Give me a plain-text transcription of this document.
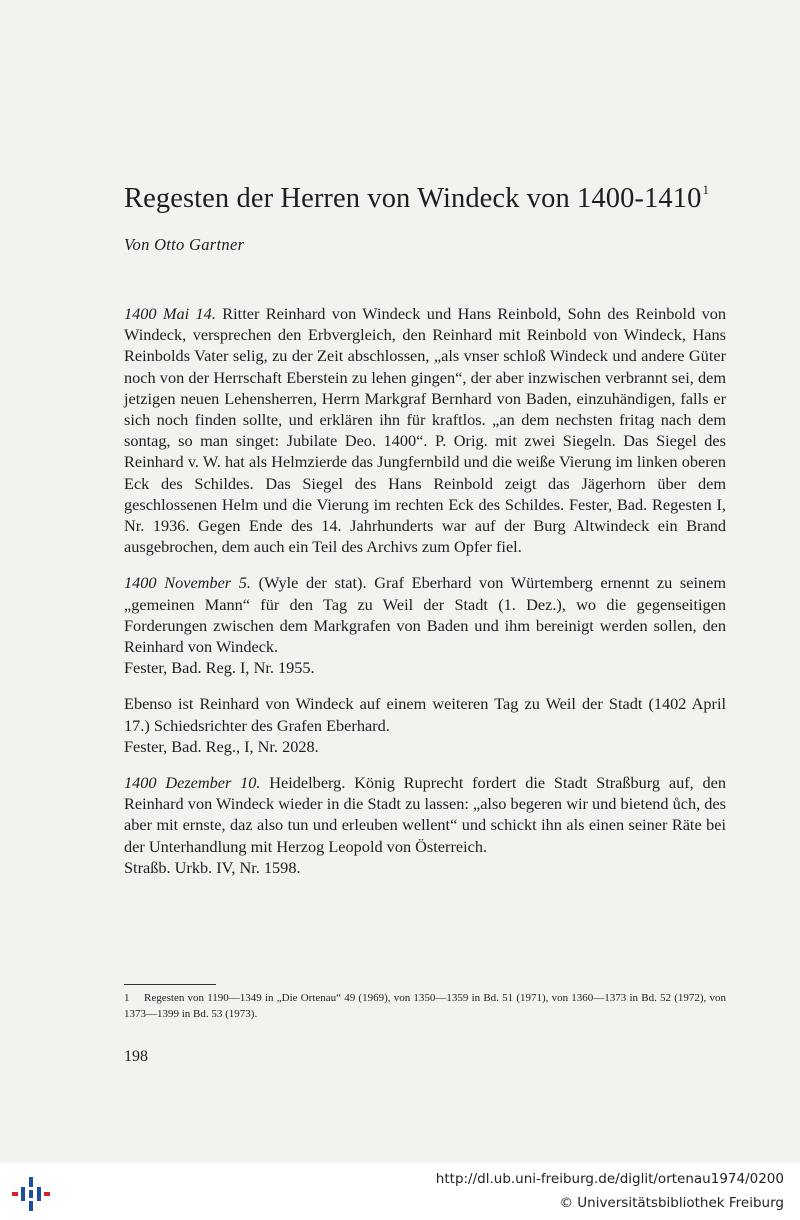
Regesten der Herren von Windeck von 1400-1410$^1$
Von Otto Gartner

1400 Mai 14. Ritter Reinhard von Windeck und Hans Reinbold, Sohn des Reinbold von Windeck, versprechen den Erbvergleich, den Reinhard mit Reinbold von Windeck, Hans Reinbolds Vater selig, zu der Zeit abschlossen, „als vnser schloß Windeck und andere Güter noch von der Herrschaft Eberstein zu lehen gingen“, der aber inzwischen verbrannt sei, dem jetzigen neuen Lehensherren, Herrn Markgraf Bernhard von Baden, einzuhändigen, falls er sich noch finden sollte, und erklären ihn für kraftlos. „an dem nechsten fritag nach dem sontag, so man singet: Jubilate Deo. 1400“. P. Orig. mit zwei Siegeln. Das Siegel des Reinhard v. W. hat als Helmzierde das Jungfernbild und die weiße Vierung im linken oberen Eck des Schildes. Das Siegel des Hans Reinbold zeigt das Jägerhorn über dem geschlossenen Helm und die Vierung im rechten Eck des Schildes. Fester, Bad. Regesten I, Nr. 1936. Gegen Ende des 14. Jahrhunderts war auf der Burg Altwindeck ein Brand ausgebrochen, dem auch ein Teil des Archivs zum Opfer fiel.

1400 November 5. (Wyle der stat). Graf Eberhard von Würtemberg ernennt zu seinem „gemeinen Mann“ für den Tag zu Weil der Stadt (1. Dez.), wo die gegenseitigen Forderungen zwischen dem Markgrafen von Baden und ihm bereinigt werden sollen, den Reinhard von Windeck.

Fester, Bad. Reg. I, Nr. 1955.

Ebenso ist Reinhard von Windeck auf einem weiteren Tag zu Weil der Stadt (1402 April 17.) Schiedsrichter des Grafen Eberhard.

Fester, Bad. Reg., I, Nr. 2028.

1400 Dezember 10. Heidelberg. König Ruprecht fordert die Stadt Straßburg auf, den Reinhard von Windeck wieder in die Stadt zu lassen: „also begeren wir und bietend ůch, des aber mit ernste, daz also tun und erleuben wellent“ und schickt ihn als einen seiner Räte bei der Unterhandlung mit Herzog Leopold von Österreich.

Straßb. Urkb. IV, Nr. 1598.
1 Regesten von 1190—1349 in „Die Ortenau“ 49 (1969), von 1350—1359 in Bd. 51 (1971), von 1360—1373 in Bd. 52 (1972), von 1373—1399 in Bd. 53 (1973).
198
http://dl.ub.uni-freiburg.de/diglit/ortenau1974/0200
© Universitätsbibliothek Freiburg
